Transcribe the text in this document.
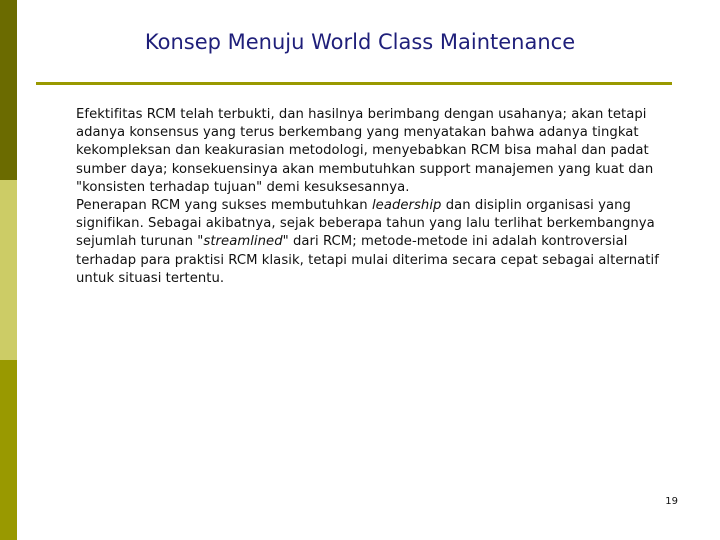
Konsep Menuju World Class Maintenance

Efektifitas RCM telah terbukti, dan hasilnya berimbang dengan usahanya; akan tetapi adanya konsensus yang terus berkembang yang menyatakan bahwa adanya tingkat kekompleksan dan keakurasian metodologi, menyebabkan RCM bisa mahal dan padat sumber daya; konsekuensinya akan membutuhkan support manajemen yang kuat dan "konsisten terhadap tujuan" demi kesuksesannya.

Penerapan RCM yang sukses membutuhkan leadership dan disiplin organisasi yang signifikan. Sebagai akibatnya, sejak beberapa tahun yang lalu terlihat berkembangnya sejumlah turunan "streamlined" dari RCM; metode-metode ini adalah kontroversial terhadap para praktisi RCM klasik, tetapi mulai diterima secara cepat sebagai alternatif untuk situasi tertentu.

19
